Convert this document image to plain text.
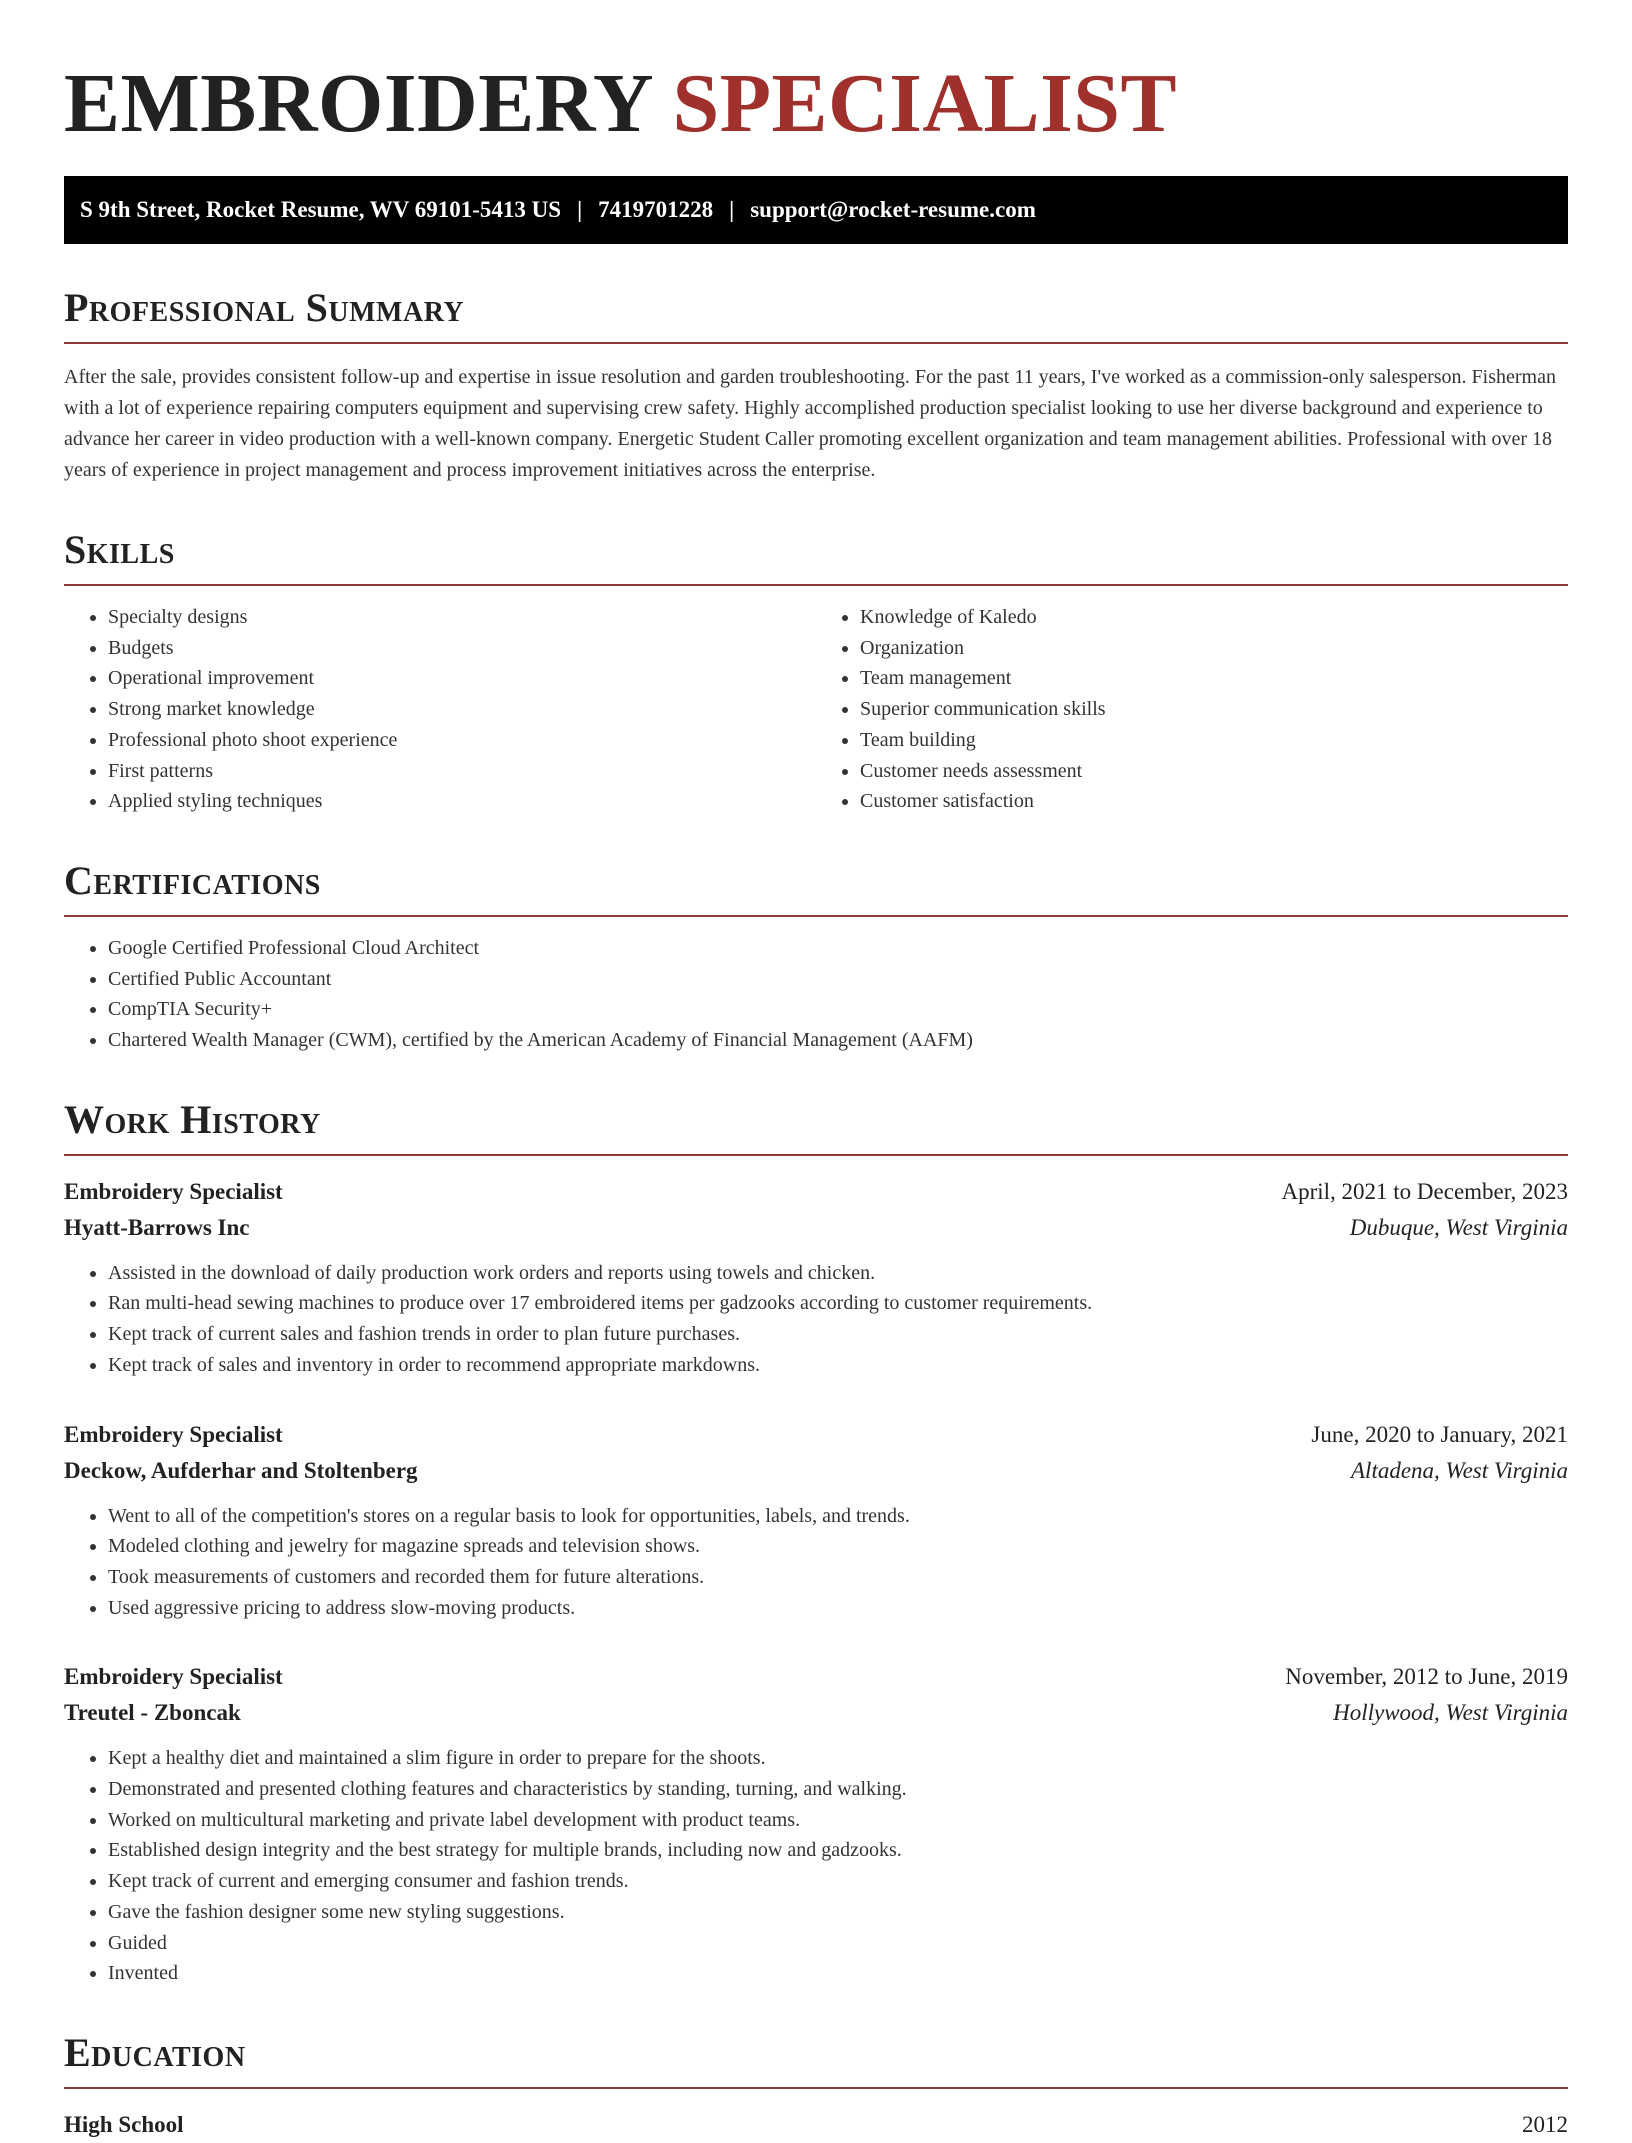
EMBROIDERY SPECIALIST
S 9th Street, Rocket Resume, WV 69101-5413 US | 7419701228 | support@rocket-resume.com
Professional Summary

After the sale, provides consistent follow-up and expertise in issue resolution and garden troubleshooting. For the past 11 years, I've worked as a commission-only salesperson. Fisherman with a lot of experience repairing computers equipment and supervising crew safety. Highly accomplished production specialist looking to use her diverse background and experience to advance her career in video production with a well-known company. Energetic Student Caller promoting excellent organization and team management abilities. Professional with over 18 years of experience in project management and process improvement initiatives across the enterprise.

Skills
• Specialty designs
• Budgets
• Operational improvement
• Strong market knowledge
• Professional photo shoot experience
• First patterns
• Applied styling techniques
• Knowledge of Kaledo
• Organization
• Team management
• Superior communication skills
• Team building
• Customer needs assessment
• Customer satisfaction
Certifications
• Google Certified Professional Cloud Architect
• Certified Public Accountant
• CompTIA Security+
• Chartered Wealth Manager (CWM), certified by the American Academy of Financial Management (AAFM)
Work History
Embroidery Specialist	April, 2021 to December, 2023
Hyatt-Barrows Inc	Dubuque, West Virginia
• Assisted in the download of daily production work orders and reports using towels and chicken.
• Ran multi-head sewing machines to produce over 17 embroidered items per gadzooks according to customer requirements.
• Kept track of current sales and fashion trends in order to plan future purchases.
• Kept track of sales and inventory in order to recommend appropriate markdowns.
Embroidery Specialist	June, 2020 to January, 2021
Deckow, Aufderhar and Stoltenberg	Altadena, West Virginia
• Went to all of the competition's stores on a regular basis to look for opportunities, labels, and trends.
• Modeled clothing and jewelry for magazine spreads and television shows.
• Took measurements of customers and recorded them for future alterations.
• Used aggressive pricing to address slow-moving products.
Embroidery Specialist	November, 2012 to June, 2019
Treutel - Zboncak	Hollywood, West Virginia
• Kept a healthy diet and maintained a slim figure in order to prepare for the shoots.
• Demonstrated and presented clothing features and characteristics by standing, turning, and walking.
• Worked on multicultural marketing and private label development with product teams.
• Established design integrity and the best strategy for multiple brands, including now and gadzooks.
• Kept track of current and emerging consumer and fashion trends.
• Gave the fashion designer some new styling suggestions.
• Guided
• Invented
Education
High School	2012
